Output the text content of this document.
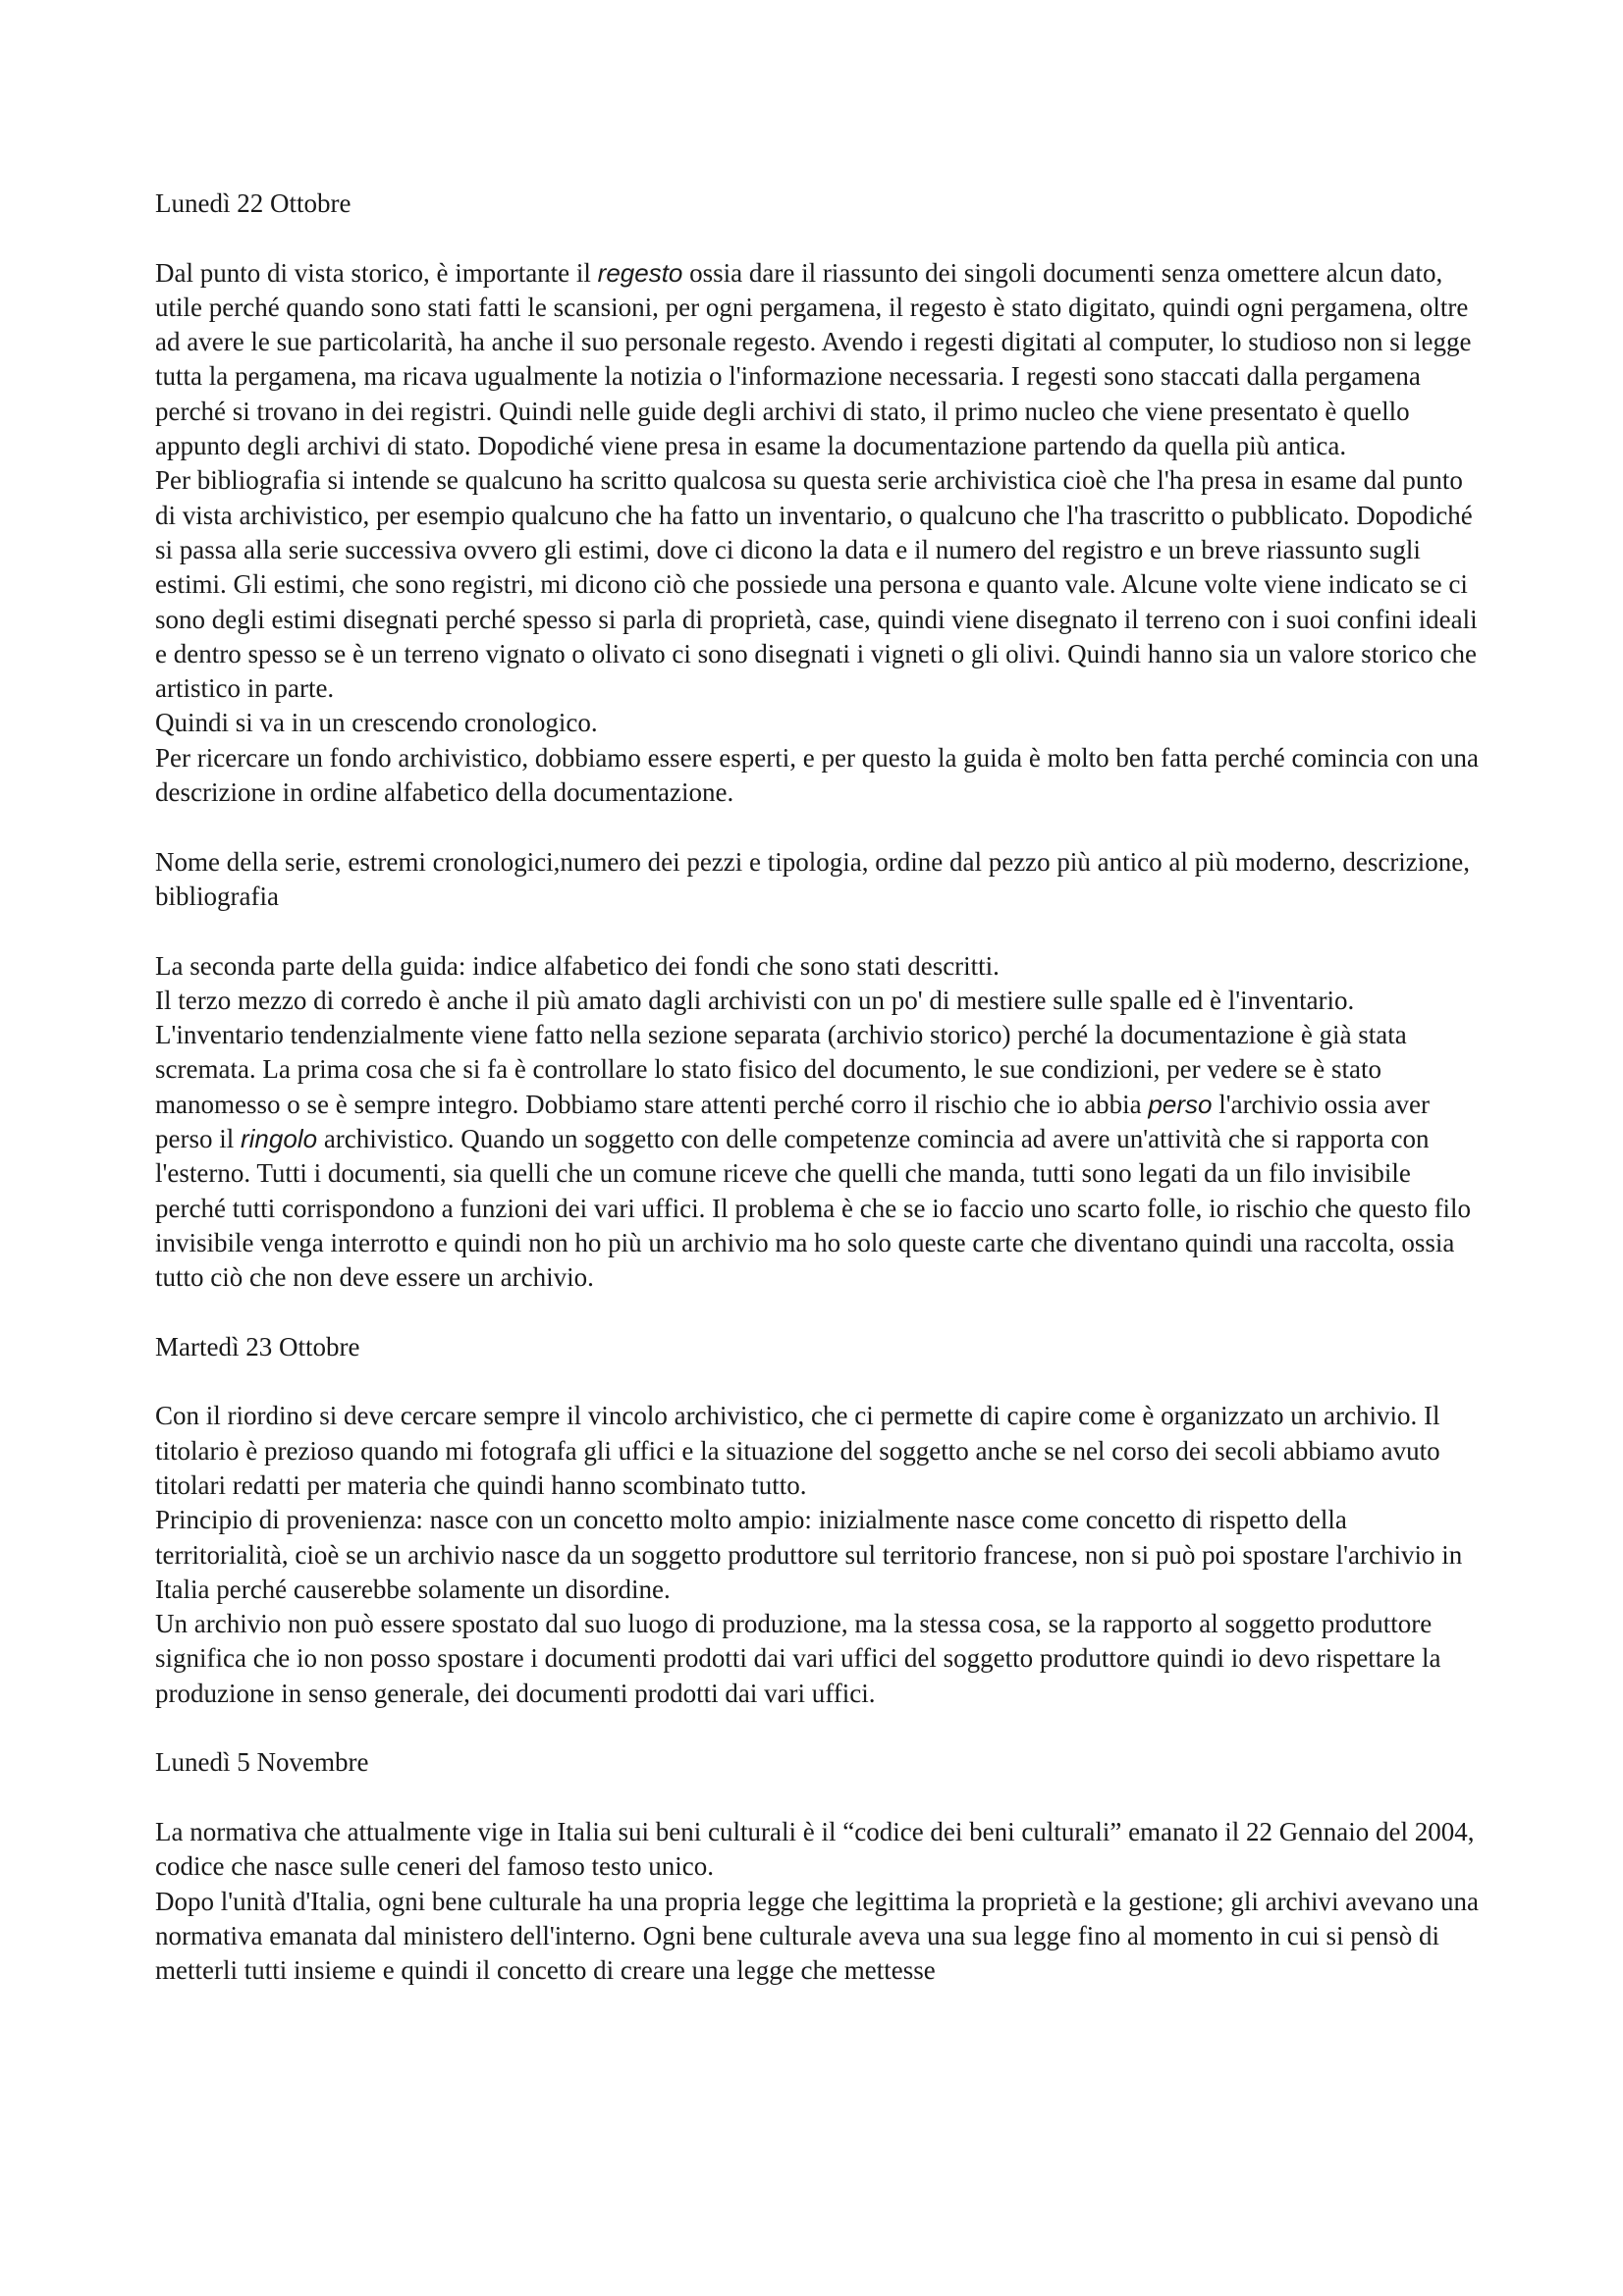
Lunedì 22 Ottobre

Dal punto di vista storico, è importante il regesto ossia dare il riassunto dei singoli documenti senza omettere alcun dato, utile perché quando sono stati fatti le scansioni, per ogni pergamena, il regesto è stato digitato, quindi ogni pergamena, oltre ad avere le sue particolarità, ha anche il suo personale regesto. Avendo i regesti digitati al computer, lo studioso non si legge tutta la pergamena, ma ricava ugualmente la notizia o l'informazione necessaria. I regesti sono staccati dalla pergamena perché si trovano in dei registri. Quindi nelle guide degli archivi di stato, il primo nucleo che viene presentato è quello appunto degli archivi di stato. Dopodiché viene presa in esame la documentazione partendo da quella più antica.

Per bibliografia si intende se qualcuno ha scritto qualcosa su questa serie archivistica cioè che l'ha presa in esame dal punto di vista archivistico, per esempio qualcuno che ha fatto un inventario, o qualcuno che l'ha trascritto o pubblicato. Dopodiché si passa alla serie successiva ovvero gli estimi, dove ci dicono la data e il numero del registro e un breve riassunto sugli estimi. Gli estimi, che sono registri, mi dicono ciò che possiede una persona e quanto vale. Alcune volte viene indicato se ci sono degli estimi disegnati perché spesso si parla di proprietà, case, quindi viene disegnato il terreno con i suoi confini ideali e dentro spesso se è un terreno vignato o olivato ci sono disegnati i vigneti o gli olivi. Quindi hanno sia un valore storico che artistico in parte.

Quindi si va in un crescendo cronologico.

Per ricercare un fondo archivistico, dobbiamo essere esperti, e per questo la guida è molto ben fatta perché comincia con una descrizione in ordine alfabetico della documentazione.

Nome della serie, estremi cronologici,numero dei pezzi e tipologia, ordine dal pezzo più antico al più moderno, descrizione, bibliografia

La seconda parte della guida: indice alfabetico dei fondi che sono stati descritti.

Il terzo mezzo di corredo è anche il più amato dagli archivisti con un po' di mestiere sulle spalle ed è l'inventario.

L'inventario tendenzialmente viene fatto nella sezione separata (archivio storico) perché la documentazione è già stata scremata. La prima cosa che si fa è controllare lo stato fisico del documento, le sue condizioni, per vedere se è stato manomesso o se è sempre integro. Dobbiamo stare attenti perché corro il rischio che io abbia perso l'archivio ossia aver perso il ringolo archivistico. Quando un soggetto con delle competenze comincia ad avere un'attività che si rapporta con l'esterno. Tutti i documenti, sia quelli che un comune riceve che quelli che manda, tutti sono legati da un filo invisibile perché tutti corrispondono a funzioni dei vari uffici. Il problema è che se io faccio uno scarto folle, io rischio che questo filo invisibile venga interrotto e quindi non ho più un archivio ma ho solo queste carte che diventano quindi una raccolta, ossia tutto ciò che non deve essere un archivio.

Martedì 23 Ottobre

Con il riordino si deve cercare sempre il vincolo archivistico, che ci permette di capire come è organizzato un archivio. Il titolario è prezioso quando mi fotografa gli uffici e la situazione del soggetto anche se nel corso dei secoli abbiamo avuto titolari redatti per materia che quindi hanno scombinato tutto.

Principio di provenienza: nasce con un concetto molto ampio: inizialmente nasce come concetto di rispetto della territorialità, cioè se un archivio nasce da un soggetto produttore sul territorio francese, non si può poi spostare l'archivio in Italia perché causerebbe solamente un disordine.

Un archivio non può essere spostato dal suo luogo di produzione, ma la stessa cosa, se la rapporto al soggetto produttore significa che io non posso spostare i documenti prodotti dai vari uffici del soggetto produttore quindi io devo rispettare la produzione in senso generale, dei documenti prodotti dai vari uffici.

Lunedì 5 Novembre

La normativa che attualmente vige in Italia sui beni culturali è il “codice dei beni culturali” emanato il 22 Gennaio del 2004, codice che nasce sulle ceneri del famoso testo unico.

Dopo l'unità d'Italia, ogni bene culturale ha una propria legge che legittima la proprietà e la gestione; gli archivi avevano una normativa emanata dal ministero dell'interno. Ogni bene culturale aveva una sua legge fino al momento in cui si pensò di metterli tutti insieme e quindi il concetto di creare una legge che mettesse
